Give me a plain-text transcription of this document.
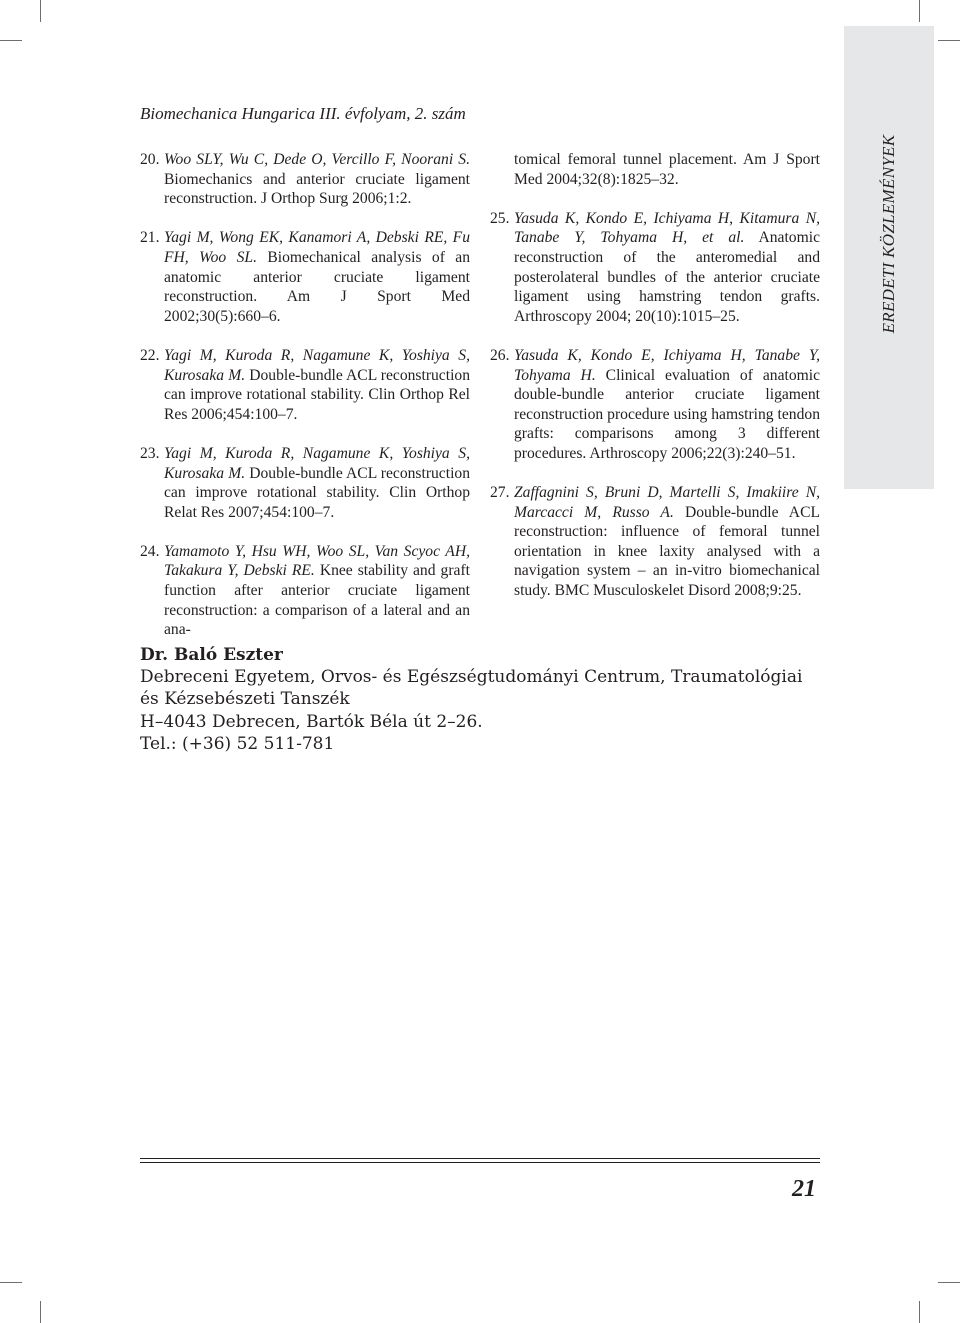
Biomechanica Hungarica III. évfolyam, 2. szám
EREDETI KÖZLEMÉNYEK
20. Woo SLY, Wu C, Dede O, Vercillo F, Noorani S. Biomechanics and anterior cruciate ligament reconstruction. J Orthop Surg 2006;1:2.
21. Yagi M, Wong EK, Kanamori A, Debski RE, Fu FH, Woo SL. Biomechanical analysis of an anatomic anterior cruciate ligament reconstruction. Am J Sport Med 2002;30(5):660–6.
22. Yagi M, Kuroda R, Nagamune K, Yoshiya S, Kurosaka M. Double-bundle ACL reconstruction can improve rotational stability. Clin Orthop Rel Res 2006;454:100–7.
23. Yagi M, Kuroda R, Nagamune K, Yoshiya S, Kurosaka M. Double-bundle ACL reconstruction can improve rotational stability. Clin Orthop Relat Res 2007;454:100–7.
24. Yamamoto Y, Hsu WH, Woo SL, Van Scyoc AH, Takakura Y, Debski RE. Knee stability and graft function after anterior cruciate ligament reconstruction: a comparison of a lateral and an ana-
tomical femoral tunnel placement. Am J Sport Med 2004;32(8):1825–32.
25. Yasuda K, Kondo E, Ichiyama H, Kitamura N, Tanabe Y, Tohyama H, et al. Anatomic reconstruction of the anteromedial and posterolateral bundles of the anterior cruciate ligament using hamstring tendon grafts. Arthroscopy 2004; 20(10):1015–25.
26. Yasuda K, Kondo E, Ichiyama H, Tanabe Y, Tohyama H. Clinical evaluation of anatomic double-bundle anterior cruciate ligament reconstruction procedure using hamstring tendon grafts: comparisons among 3 different procedures. Arthroscopy 2006;22(3):240–51.
27. Zaffagnini S, Bruni D, Martelli S, Imakiire N, Marcacci M, Russo A. Double-bundle ACL reconstruction: influence of femoral tunnel orientation in knee laxity analysed with a navigation system – an in-vitro biomechanical study. BMC Musculoskelet Disord 2008;9:25.
Dr. Baló Eszter
Debreceni Egyetem, Orvos- és Egészségtudományi Centrum, Traumatológiai
és Kézsebészeti Tanszék
H–4043 Debrecen, Bartók Béla út 2–26.
Tel.: (+36) 52 511-781
21
